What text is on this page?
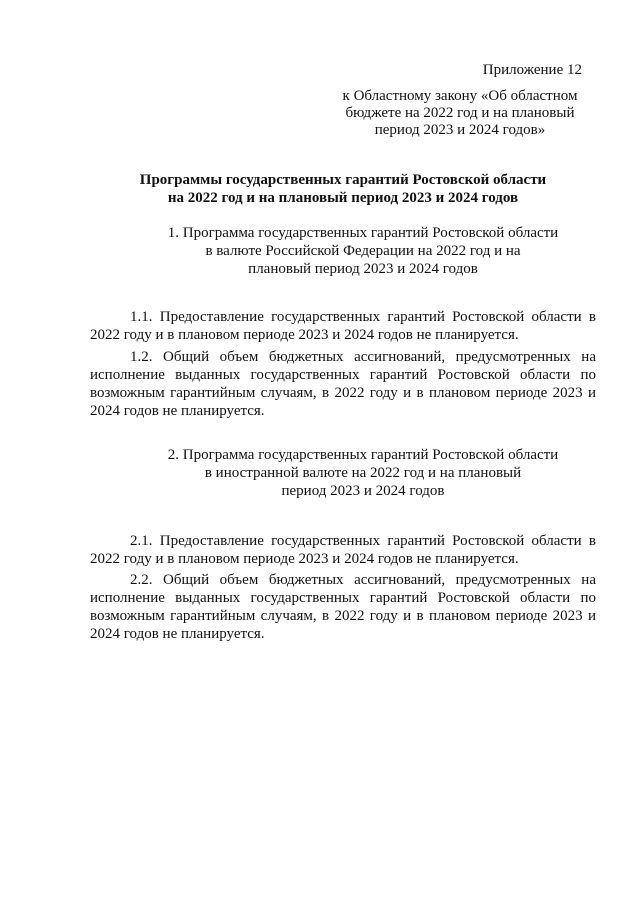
Приложение 12
к Областному закону «Об областном
бюджете на 2022 год и на плановый
период 2023 и 2024 годов»
Программы государственных гарантий Ростовской области
на 2022 год и на плановый период 2023 и 2024 годов
1. Программа государственных гарантий Ростовской области
в валюте Российской Федерации на 2022 год и на
плановый период 2023 и 2024 годов

1.1. Предоставление государственных гарантий Ростовской области в 2022 году и в плановом периоде 2023 и 2024 годов не планируется.

1.2. Общий объем бюджетных ассигнований, предусмотренных на исполнение выданных государственных гарантий Ростовской области по возможным гарантийным случаям, в 2022 году и в плановом периоде 2023 и 2024 годов не планируется.

2. Программа государственных гарантий Ростовской области
в иностранной валюте на 2022 год и на плановый
период 2023 и 2024 годов

2.1. Предоставление государственных гарантий Ростовской области в 2022 году и в плановом периоде 2023 и 2024 годов не планируется.

2.2. Общий объем бюджетных ассигнований, предусмотренных на исполнение выданных государственных гарантий Ростовской области по возможным гарантийным случаям, в 2022 году и в плановом периоде 2023 и 2024 годов не планируется.
